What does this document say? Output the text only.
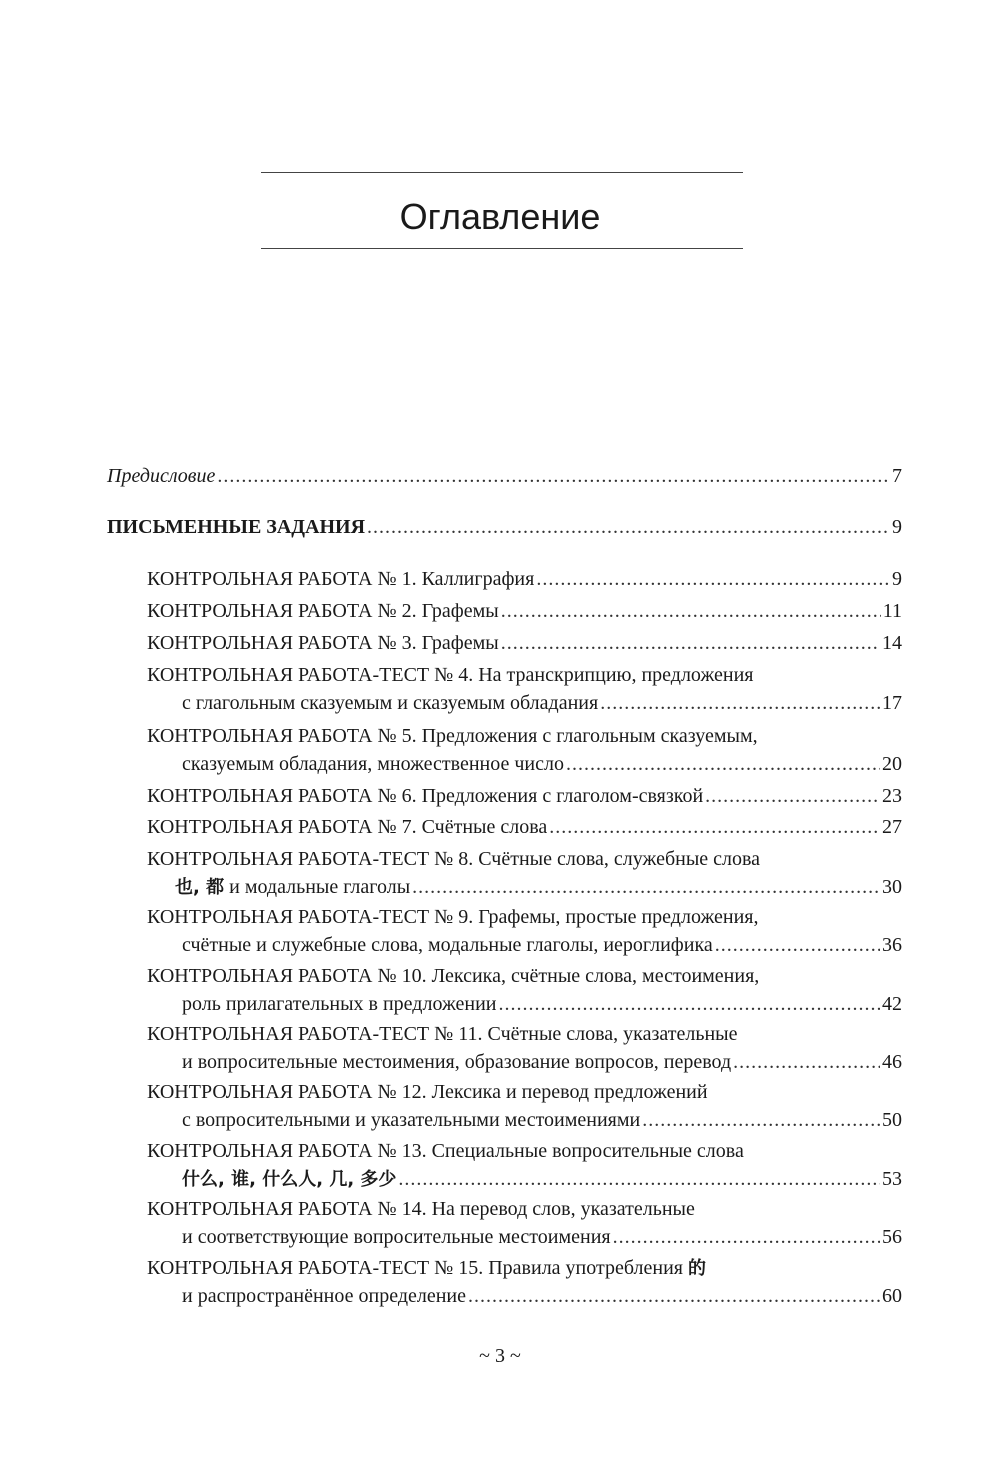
Оглавление
Предисловие .....	7
ПИСЬМЕННЫЕ ЗАДАНИЯ .....	9
КОНТРОЛЬНАЯ РАБОТА № 1. Каллиграфия .....	9
КОНТРОЛЬНАЯ РАБОТА № 2. Графемы .....	11
КОНТРОЛЬНАЯ РАБОТА № 3. Графемы .....	14
КОНТРОЛЬНАЯ РАБОТА-ТЕСТ № 4. На транскрипцию, предложения
с глагольным сказуемым и сказуемым обладания .....	17
КОНТРОЛЬНАЯ РАБОТА № 5. Предложения с глагольным сказуемым,
сказуемым обладания, множественное число .....	20
КОНТРОЛЬНАЯ РАБОТА № 6. Предложения с глаголом-связкой .....	23
КОНТРОЛЬНАЯ РАБОТА № 7. Счётные слова .....	27
КОНТРОЛЬНАЯ РАБОТА-ТЕСТ № 8. Счётные слова, служебные слова
也, 都 и модальные глаголы .....	30
КОНТРОЛЬНАЯ РАБОТА-ТЕСТ № 9. Графемы, простые предложения,
счётные и служебные слова, модальные глаголы, иероглифика .....	36
КОНТРОЛЬНАЯ РАБОТА № 10. Лексика, счётные слова, местоимения,
роль прилагательных в предложении .....	42
КОНТРОЛЬНАЯ РАБОТА-ТЕСТ № 11. Счётные слова, указательные
и вопросительные местоимения, образование вопросов, перевод .....	46
КОНТРОЛЬНАЯ РАБОТА № 12. Лексика и перевод предложений
с вопросительными и указательными местоимениями .....	50
КОНТРОЛЬНАЯ РАБОТА № 13. Специальные вопросительные слова
什么, 谁, 什么人, 几, 多少 .....	53
КОНТРОЛЬНАЯ РАБОТА № 14. На перевод слов, указательные
и соответствующие вопросительные местоимения .....	56
КОНТРОЛЬНАЯ РАБОТА-ТЕСТ № 15. Правила употребления 的
и распространённое определение .....	60
~ 3 ~
